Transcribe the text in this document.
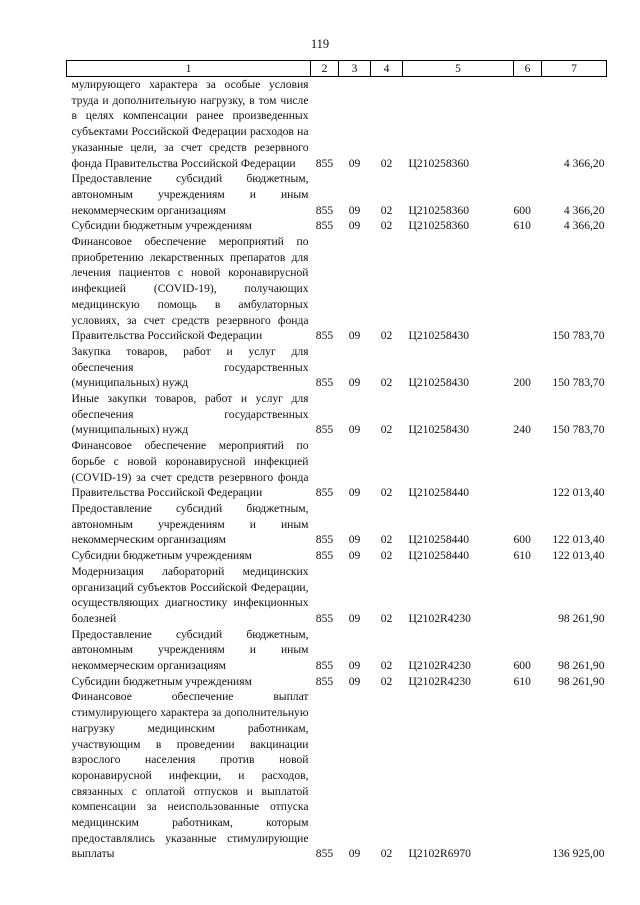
119
1	2	3	4	5	6	7
мулирующего характера за особые условия труда и дополнительную нагрузку, в том числе в целях компенсации ранее произведенных субъектами Российской Федерации расходов на указанные цели, за счет средств резервного фонда Правительства Российской Федерации	855	09	02	Ц210258360		4 366,20
Предоставление субсидий бюджетным, автономным учреждениям и иным некоммерческим организациям	855	09	02	Ц210258360	600	4 366,20
Субсидии бюджетным учреждениям	855	09	02	Ц210258360	610	4 366,20
Финансовое обеспечение мероприятий по приобретению лекарственных препаратов для лечения пациентов с новой коронавирусной инфекцией (COVID-19), получающих медицинскую помощь в амбулаторных условиях, за счет средств резервного фонда Правительства Российской Федерации	855	09	02	Ц210258430		150 783,70
Закупка товаров, работ и услуг для обеспечения государственных (муниципальных) нужд	855	09	02	Ц210258430	200	150 783,70
Иные закупки товаров, работ и услуг для обеспечения государственных (муниципальных) нужд	855	09	02	Ц210258430	240	150 783,70
Финансовое обеспечение мероприятий по борьбе с новой коронавирусной инфекцией (COVID-19) за счет средств резервного фонда Правительства Российской Федерации	855	09	02	Ц210258440		122 013,40
Предоставление субсидий бюджетным, автономным учреждениям и иным некоммерческим организациям	855	09	02	Ц210258440	600	122 013,40
Субсидии бюджетным учреждениям	855	09	02	Ц210258440	610	122 013,40
Модернизация лабораторий медицинских организаций субъектов Российской Федерации, осуществляющих диагностику инфекционных болезней	855	09	02	Ц2102R4230		98 261,90
Предоставление субсидий бюджетным, автономным учреждениям и иным некоммерческим организациям	855	09	02	Ц2102R4230	600	98 261,90
Субсидии бюджетным учреждениям	855	09	02	Ц2102R4230	610	98 261,90
Финансовое обеспечение выплат стимулирующего характера за дополнительную нагрузку медицинским работникам, участвующим в проведении вакцинации взрослого населения против новой коронавирусной инфекции, и расходов, связанных с оплатой отпусков и выплатой компенсации за неиспользованные отпуска медицинским работникам, которым предоставлялись указанные стимулирующие выплаты	855	09	02	Ц2102R6970		136 925,00
